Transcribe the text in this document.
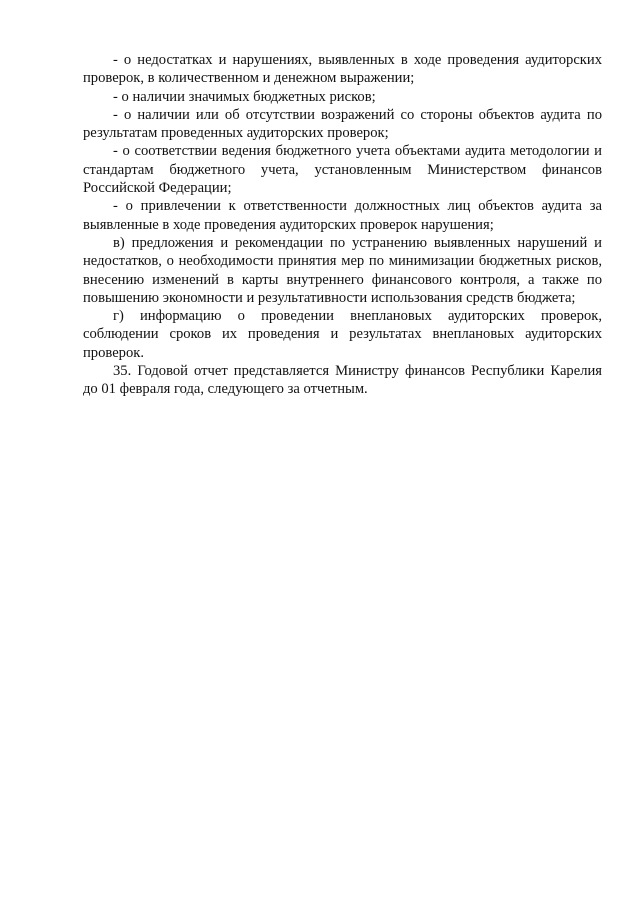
- о недостатках и нарушениях, выявленных в ходе проведения аудиторских проверок, в количественном и денежном выражении;

- о наличии значимых бюджетных рисков;

- о наличии или об отсутствии возражений со стороны объектов аудита по результатам проведенных аудиторских проверок;

- о соответствии ведения бюджетного учета объектами аудита методологии и стандартам бюджетного учета, установленным Министерством финансов Российской Федерации;

- о привлечении к ответственности должностных лиц объектов аудита за выявленные в ходе проведения аудиторских проверок нарушения;

в) предложения и рекомендации по устранению выявленных нарушений и недостатков, о необходимости принятия мер по минимизации бюджетных рисков, внесению изменений в карты внутреннего финансового контроля, а также по повышению экономности и результативности использования средств бюджета;

г) информацию о проведении внеплановых аудиторских проверок, соблюдении сроков их проведения и результатах внеплановых аудиторских проверок.

35. Годовой отчет представляется Министру финансов Республики Карелия до 01 февраля года, следующего за отчетным.
